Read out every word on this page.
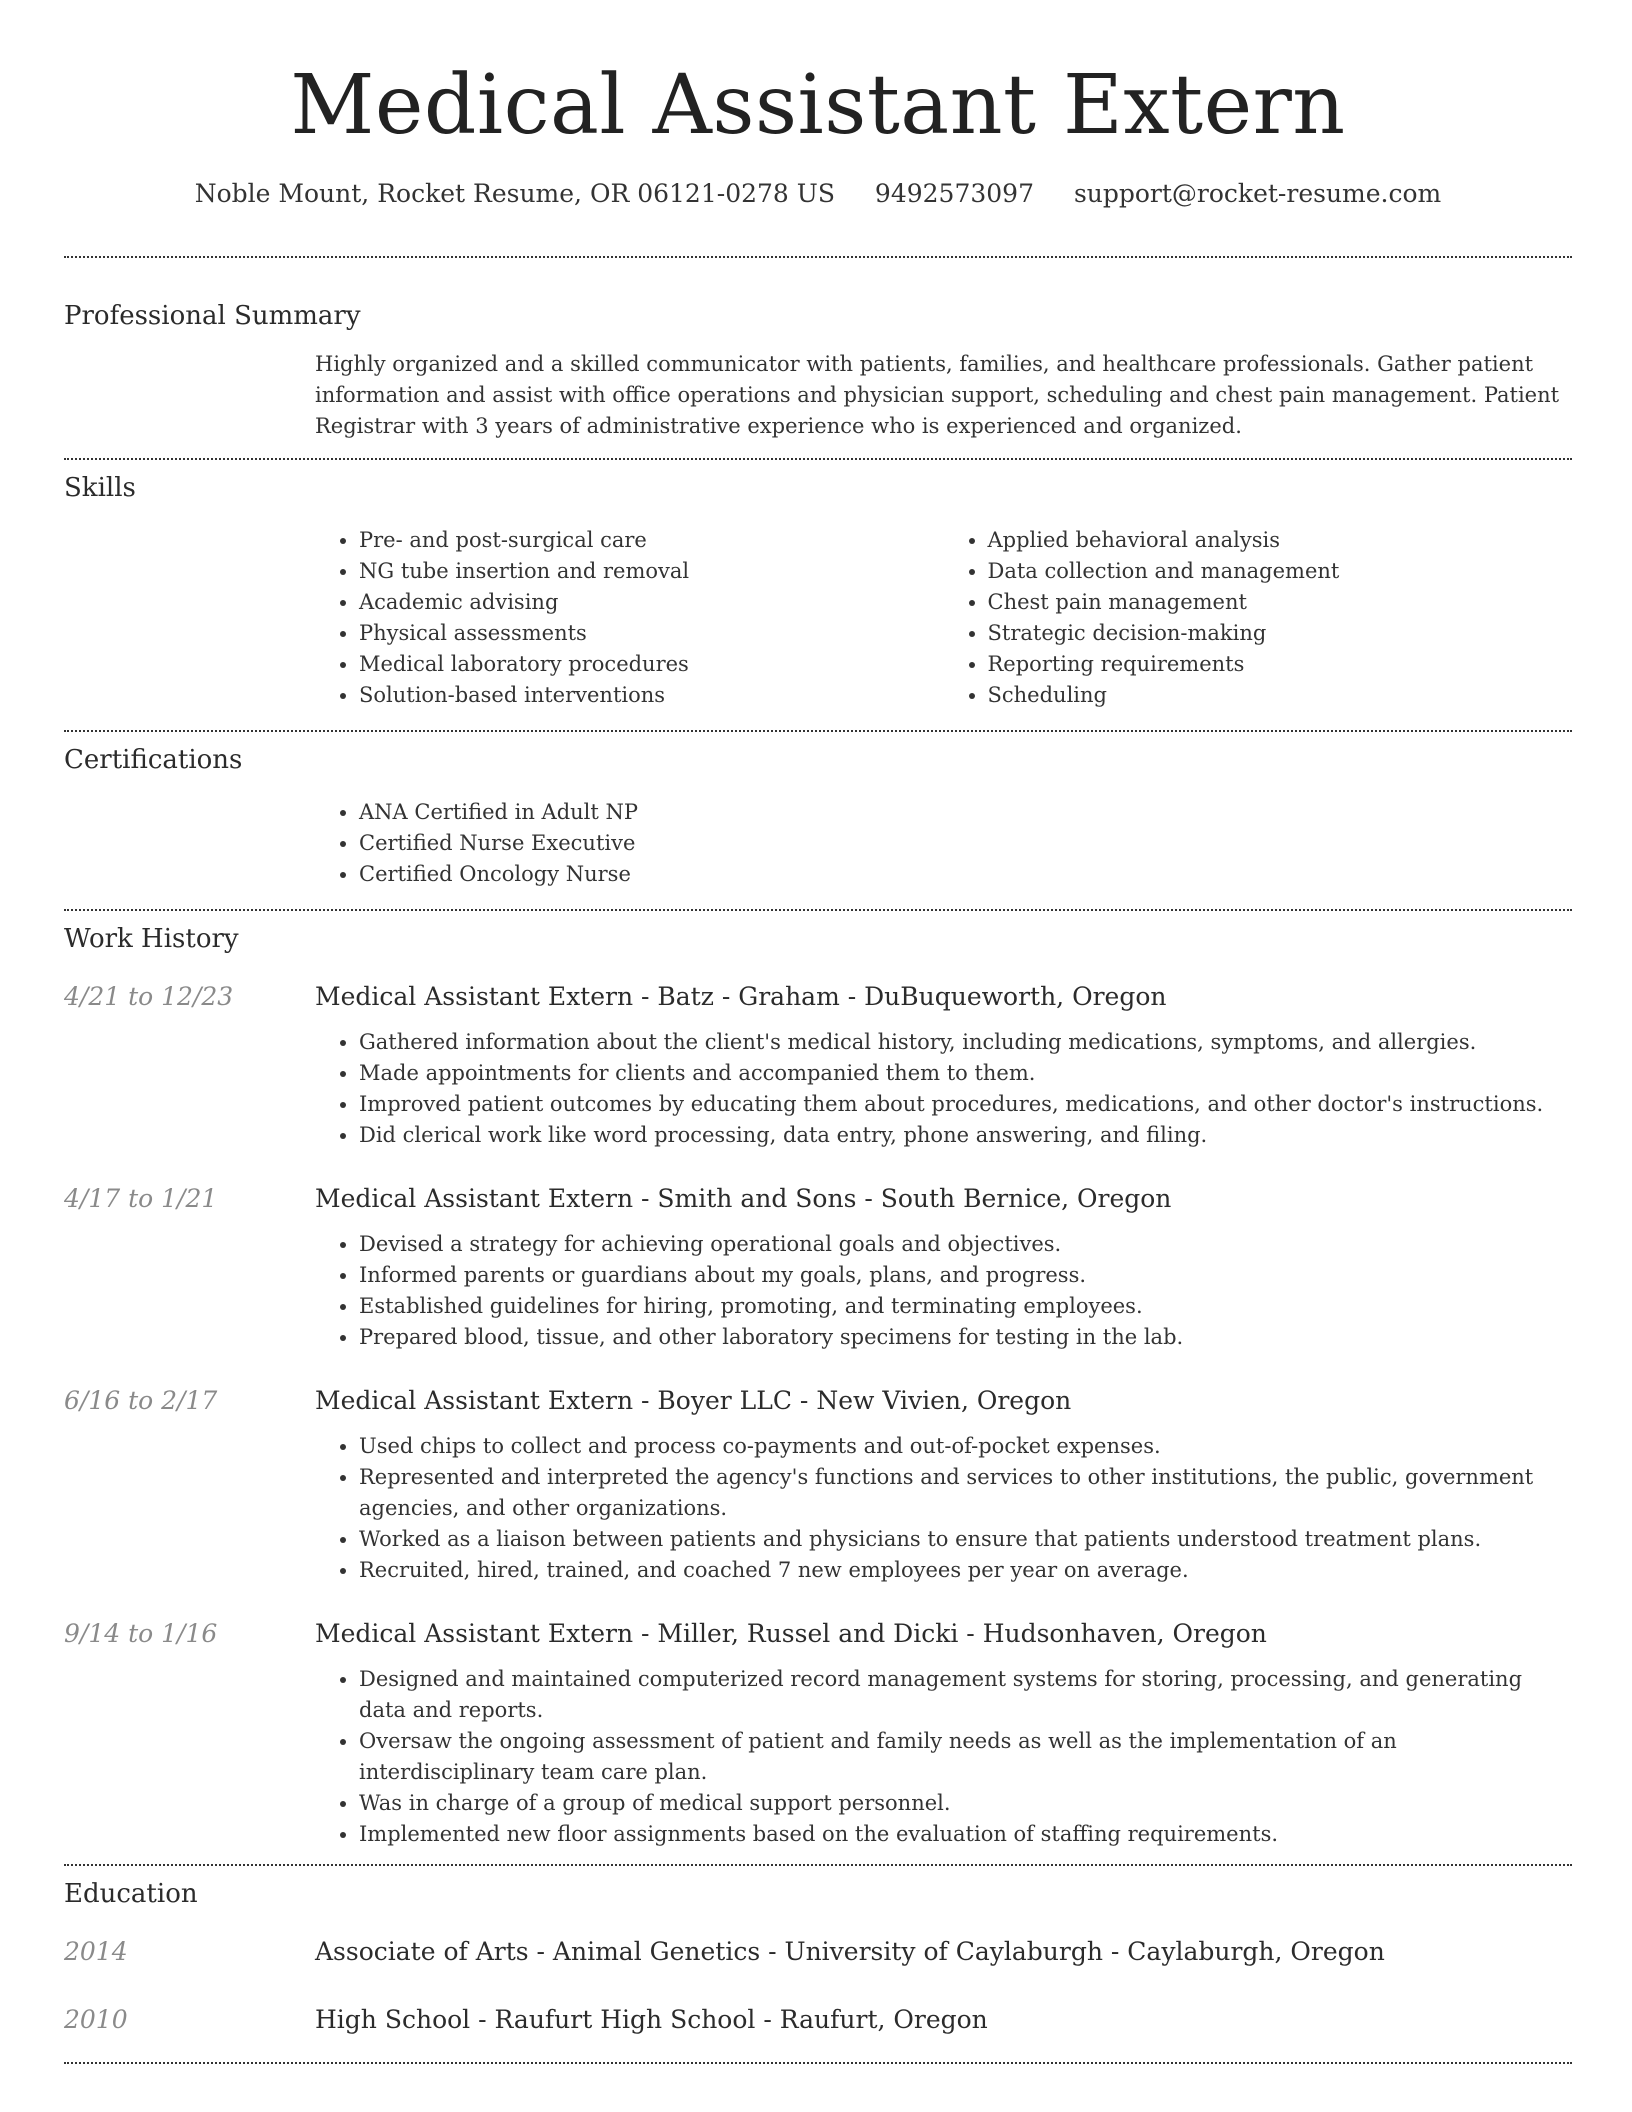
Medical Assistant Extern
Noble Mount, Rocket Resume, OR 06121-0278 US 9492573097 support@rocket-resume.com
Professional Summary

Highly organized and a skilled communicator with patients, families, and healthcare professionals. Gather patient information and assist with office operations and physician support, scheduling and chest pain management. Patient Registrar with 3 years of administrative experience who is experienced and organized.

Skills
• Pre- and post-surgical care
• NG tube insertion and removal
• Academic advising
• Physical assessments
• Medical laboratory procedures
• Solution-based interventions
• Applied behavioral analysis
• Data collection and management
• Chest pain management
• Strategic decision-making
• Reporting requirements
• Scheduling
Certifications
• ANA Certified in Adult NP
• Certified Nurse Executive
• Certified Oncology Nurse
Work History
4/21 to 12/23	Medical Assistant Extern - Batz - Graham - DuBuqueworth, Oregon
• Gathered information about the client's medical history, including medications, symptoms, and allergies.
• Made appointments for clients and accompanied them to them.
• Improved patient outcomes by educating them about procedures, medications, and other doctor's instructions.
• Did clerical work like word processing, data entry, phone answering, and filing.
4/17 to 1/21	Medical Assistant Extern - Smith and Sons - South Bernice, Oregon
• Devised a strategy for achieving operational goals and objectives.
• Informed parents or guardians about my goals, plans, and progress.
• Established guidelines for hiring, promoting, and terminating employees.
• Prepared blood, tissue, and other laboratory specimens for testing in the lab.
6/16 to 2/17	Medical Assistant Extern - Boyer LLC - New Vivien, Oregon
• Used chips to collect and process co-payments and out-of-pocket expenses.
• Represented and interpreted the agency's functions and services to other institutions, the public, government agencies, and other organizations.
• Worked as a liaison between patients and physicians to ensure that patients understood treatment plans.
• Recruited, hired, trained, and coached 7 new employees per year on average.
9/14 to 1/16	Medical Assistant Extern - Miller, Russel and Dicki - Hudsonhaven, Oregon
• Designed and maintained computerized record management systems for storing, processing, and generating data and reports.
• Oversaw the ongoing assessment of patient and family needs as well as the implementation of an interdisciplinary team care plan.
• Was in charge of a group of medical support personnel.
• Implemented new floor assignments based on the evaluation of staffing requirements.
Education
2014	Associate of Arts - Animal Genetics - University of Caylaburgh - Caylaburgh, Oregon
2010	High School - Raufurt High School - Raufurt, Oregon
